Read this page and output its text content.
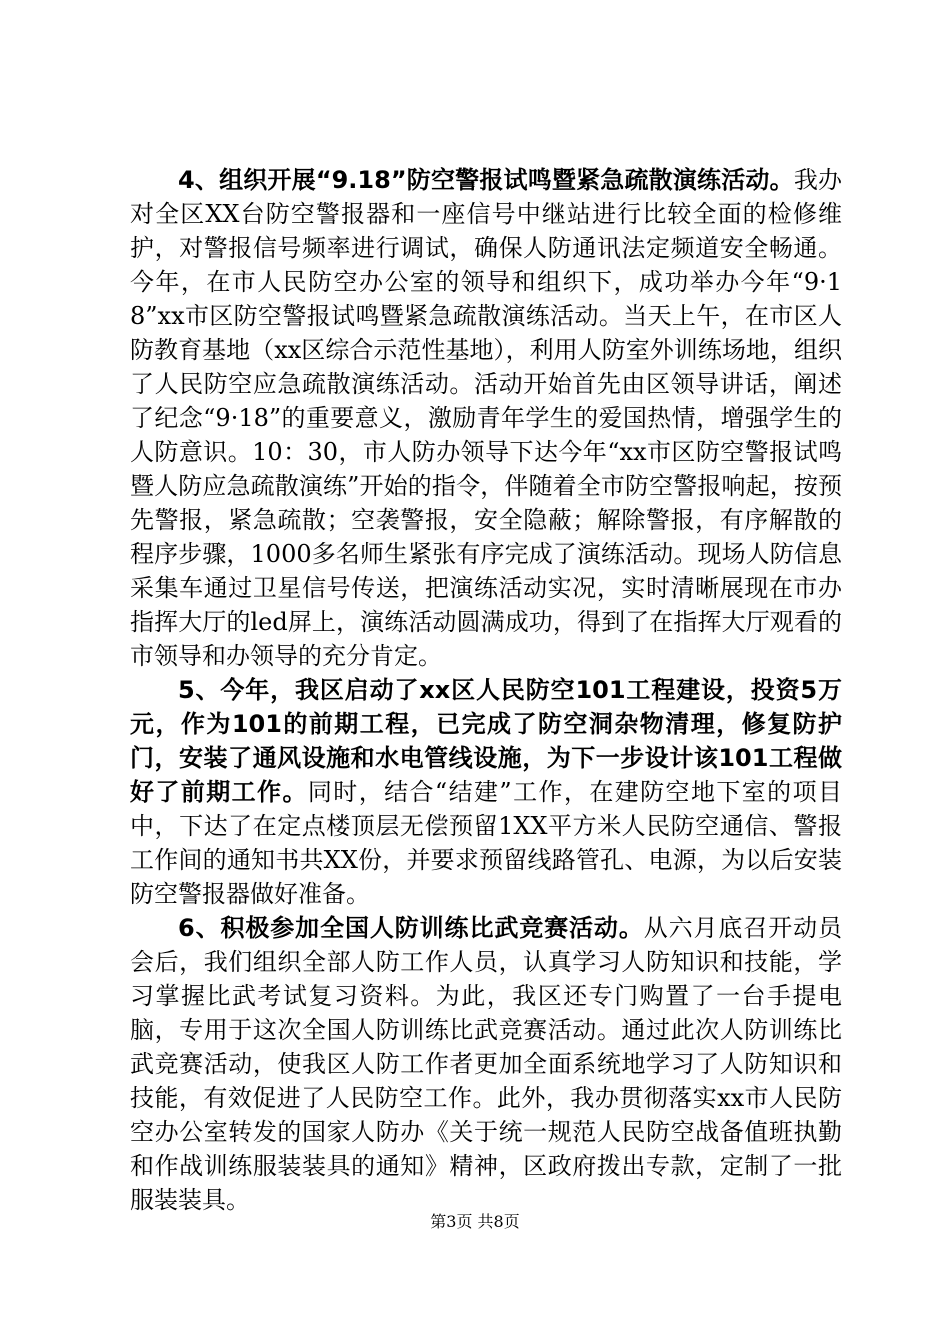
4、组织开展“9.18”防空警报试鸣暨紧急疏散演练活动。我办对全区XX台防空警报器和一座信号中继站进行比较全面的检修维护，对警报信号频率进行调试，确保人防通讯法定频道安全畅通。今年，在市人民防空办公室的领导和组织下，成功举办今年“9·18”xx市区防空警报试鸣暨紧急疏散演练活动。当天上午，在市区人防教育基地（xx区综合示范性基地），利用人防室外训练场地，组织了人民防空应急疏散演练活动。活动开始首先由区领导讲话，阐述了纪念“9·18”的重要意义，激励青年学生的爱国热情，增强学生的人防意识。10：30，市人防办领导下达今年“xx市区防空警报试鸣暨人防应急疏散演练”开始的指令，伴随着全市防空警报响起，按预先警报，紧急疏散；空袭警报，安全隐蔽；解除警报，有序解散的程序步骤，1000多名师生紧张有序完成了演练活动。现场人防信息采集车通过卫星信号传送，把演练活动实况，实时清晰展现在市办指挥大厅的led屏上，演练活动圆满成功，得到了在指挥大厅观看的市领导和办领导的充分肯定。

5、今年，我区启动了xx区人民防空101工程建设，投资5万元，作为101的前期工程，已完成了防空洞杂物清理，修复防护门，安装了通风设施和水电管线设施，为下一步设计该101工程做好了前期工作。同时，结合“结建”工作，在建防空地下室的项目中，下达了在定点楼顶层无偿预留1XX平方米人民防空通信、警报工作间的通知书共XX份，并要求预留线路管孔、电源，为以后安装防空警报器做好准备。

6、积极参加全国人防训练比武竞赛活动。从六月底召开动员会后，我们组织全部人防工作人员，认真学习人防知识和技能，学习掌握比武考试复习资料。为此，我区还专门购置了一台手提电脑，专用于这次全国人防训练比武竞赛活动。通过此次人防训练比武竞赛活动，使我区人防工作者更加全面系统地学习了人防知识和技能，有效促进了人民防空工作。此外，我办贯彻落实xx市人民防空办公室转发的国家人防办《关于统一规范人民防空战备值班执勤和作战训练服装装具的通知》精神，区政府拨出专款，定制了一批服装装具。

第3页 共8页
